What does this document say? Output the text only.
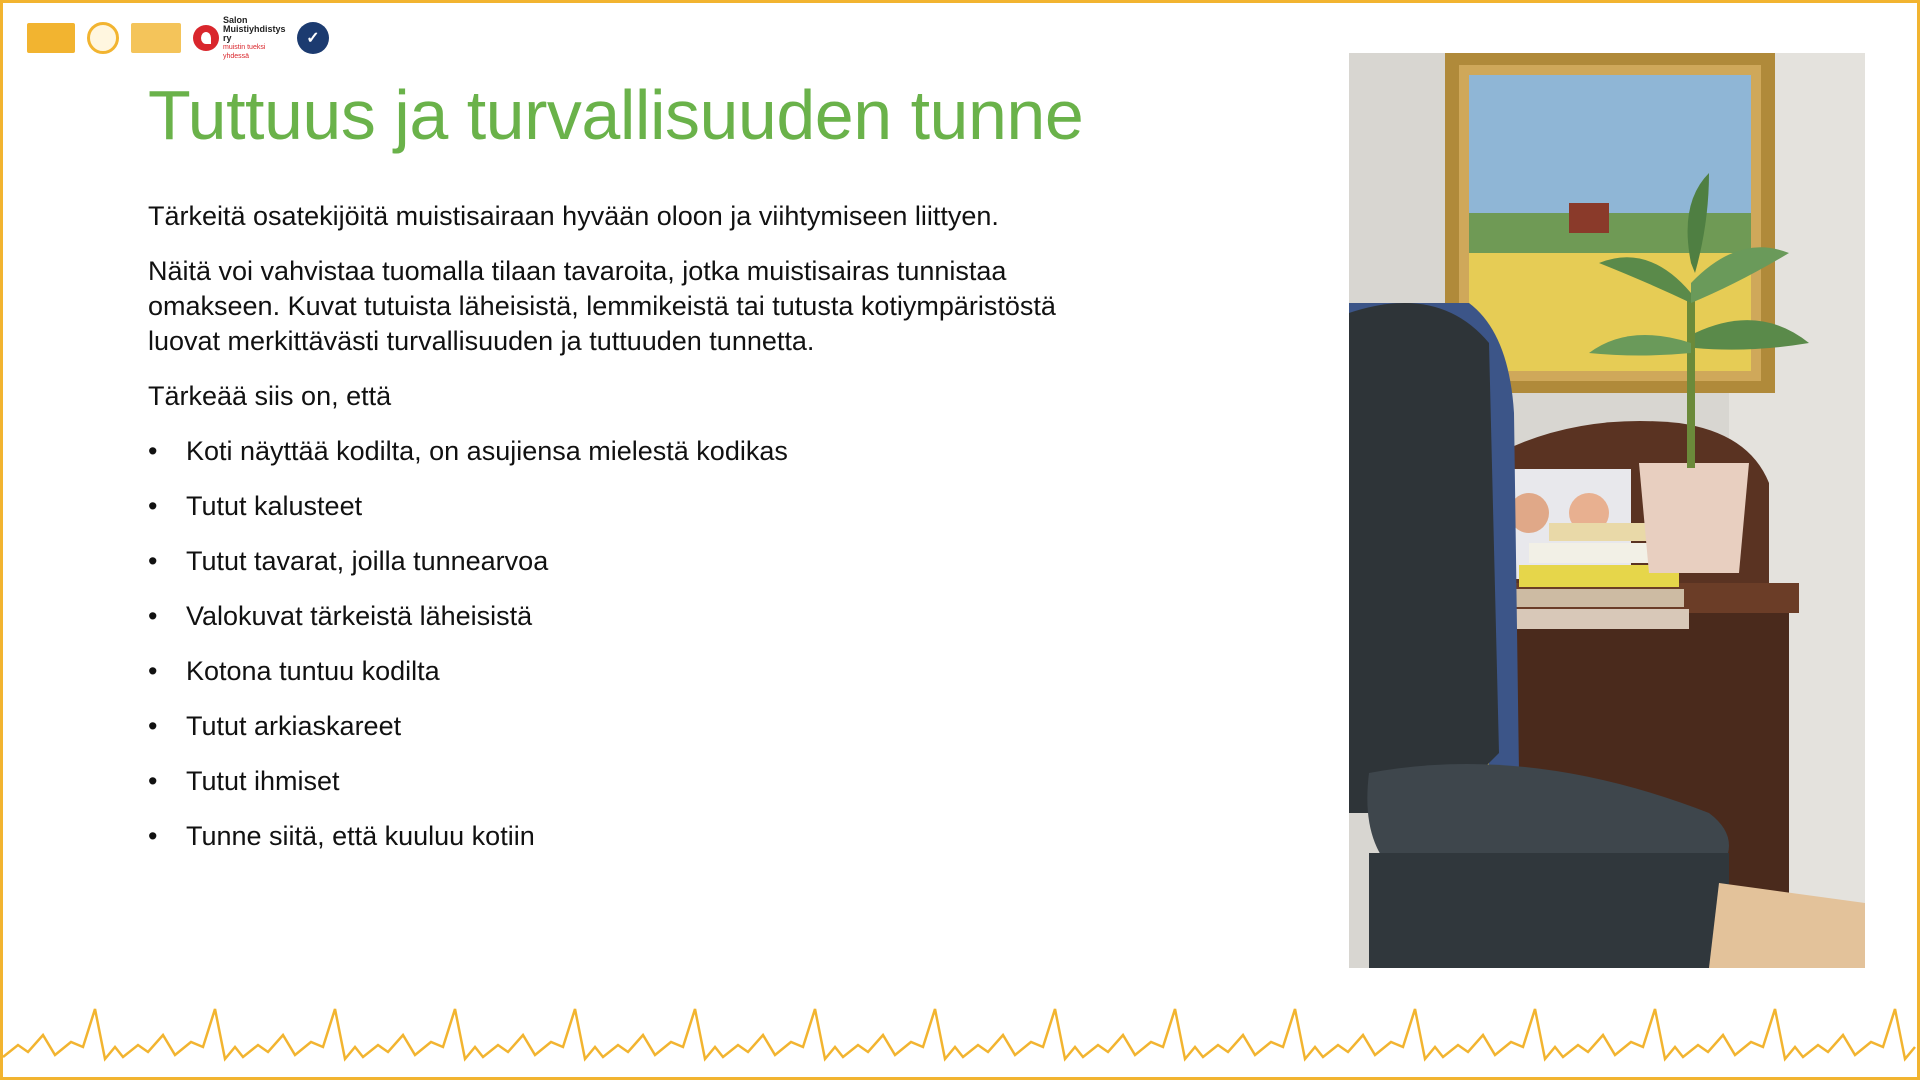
Salon
Muistiyhdistys ry
muistin tueksi yhdessä
✓
Tuttuus ja turvallisuuden tunne

Tärkeitä osatekijöitä muistisairaan hyvään oloon ja viihtymiseen liittyen.

Näitä voi vahvistaa tuomalla tilaan tavaroita, jotka muistisairas tunnistaa omakseen. Kuvat tutuista läheisistä, lemmikeistä tai tutusta kotiympäristöstä luovat merkittävästi turvallisuuden ja tuttuuden tunnetta.

Tärkeää siis on, että

• Koti näyttää kodilta, on asujiensa mielestä kodikas
• Tutut kalusteet
• Tutut tavarat, joilla tunnearvoa
• Valokuvat tärkeistä läheisistä
• Kotona tuntuu kodilta
• Tutut arkiaskareet
• Tutut ihmiset
• Tunne siitä, että kuuluu kotiin
